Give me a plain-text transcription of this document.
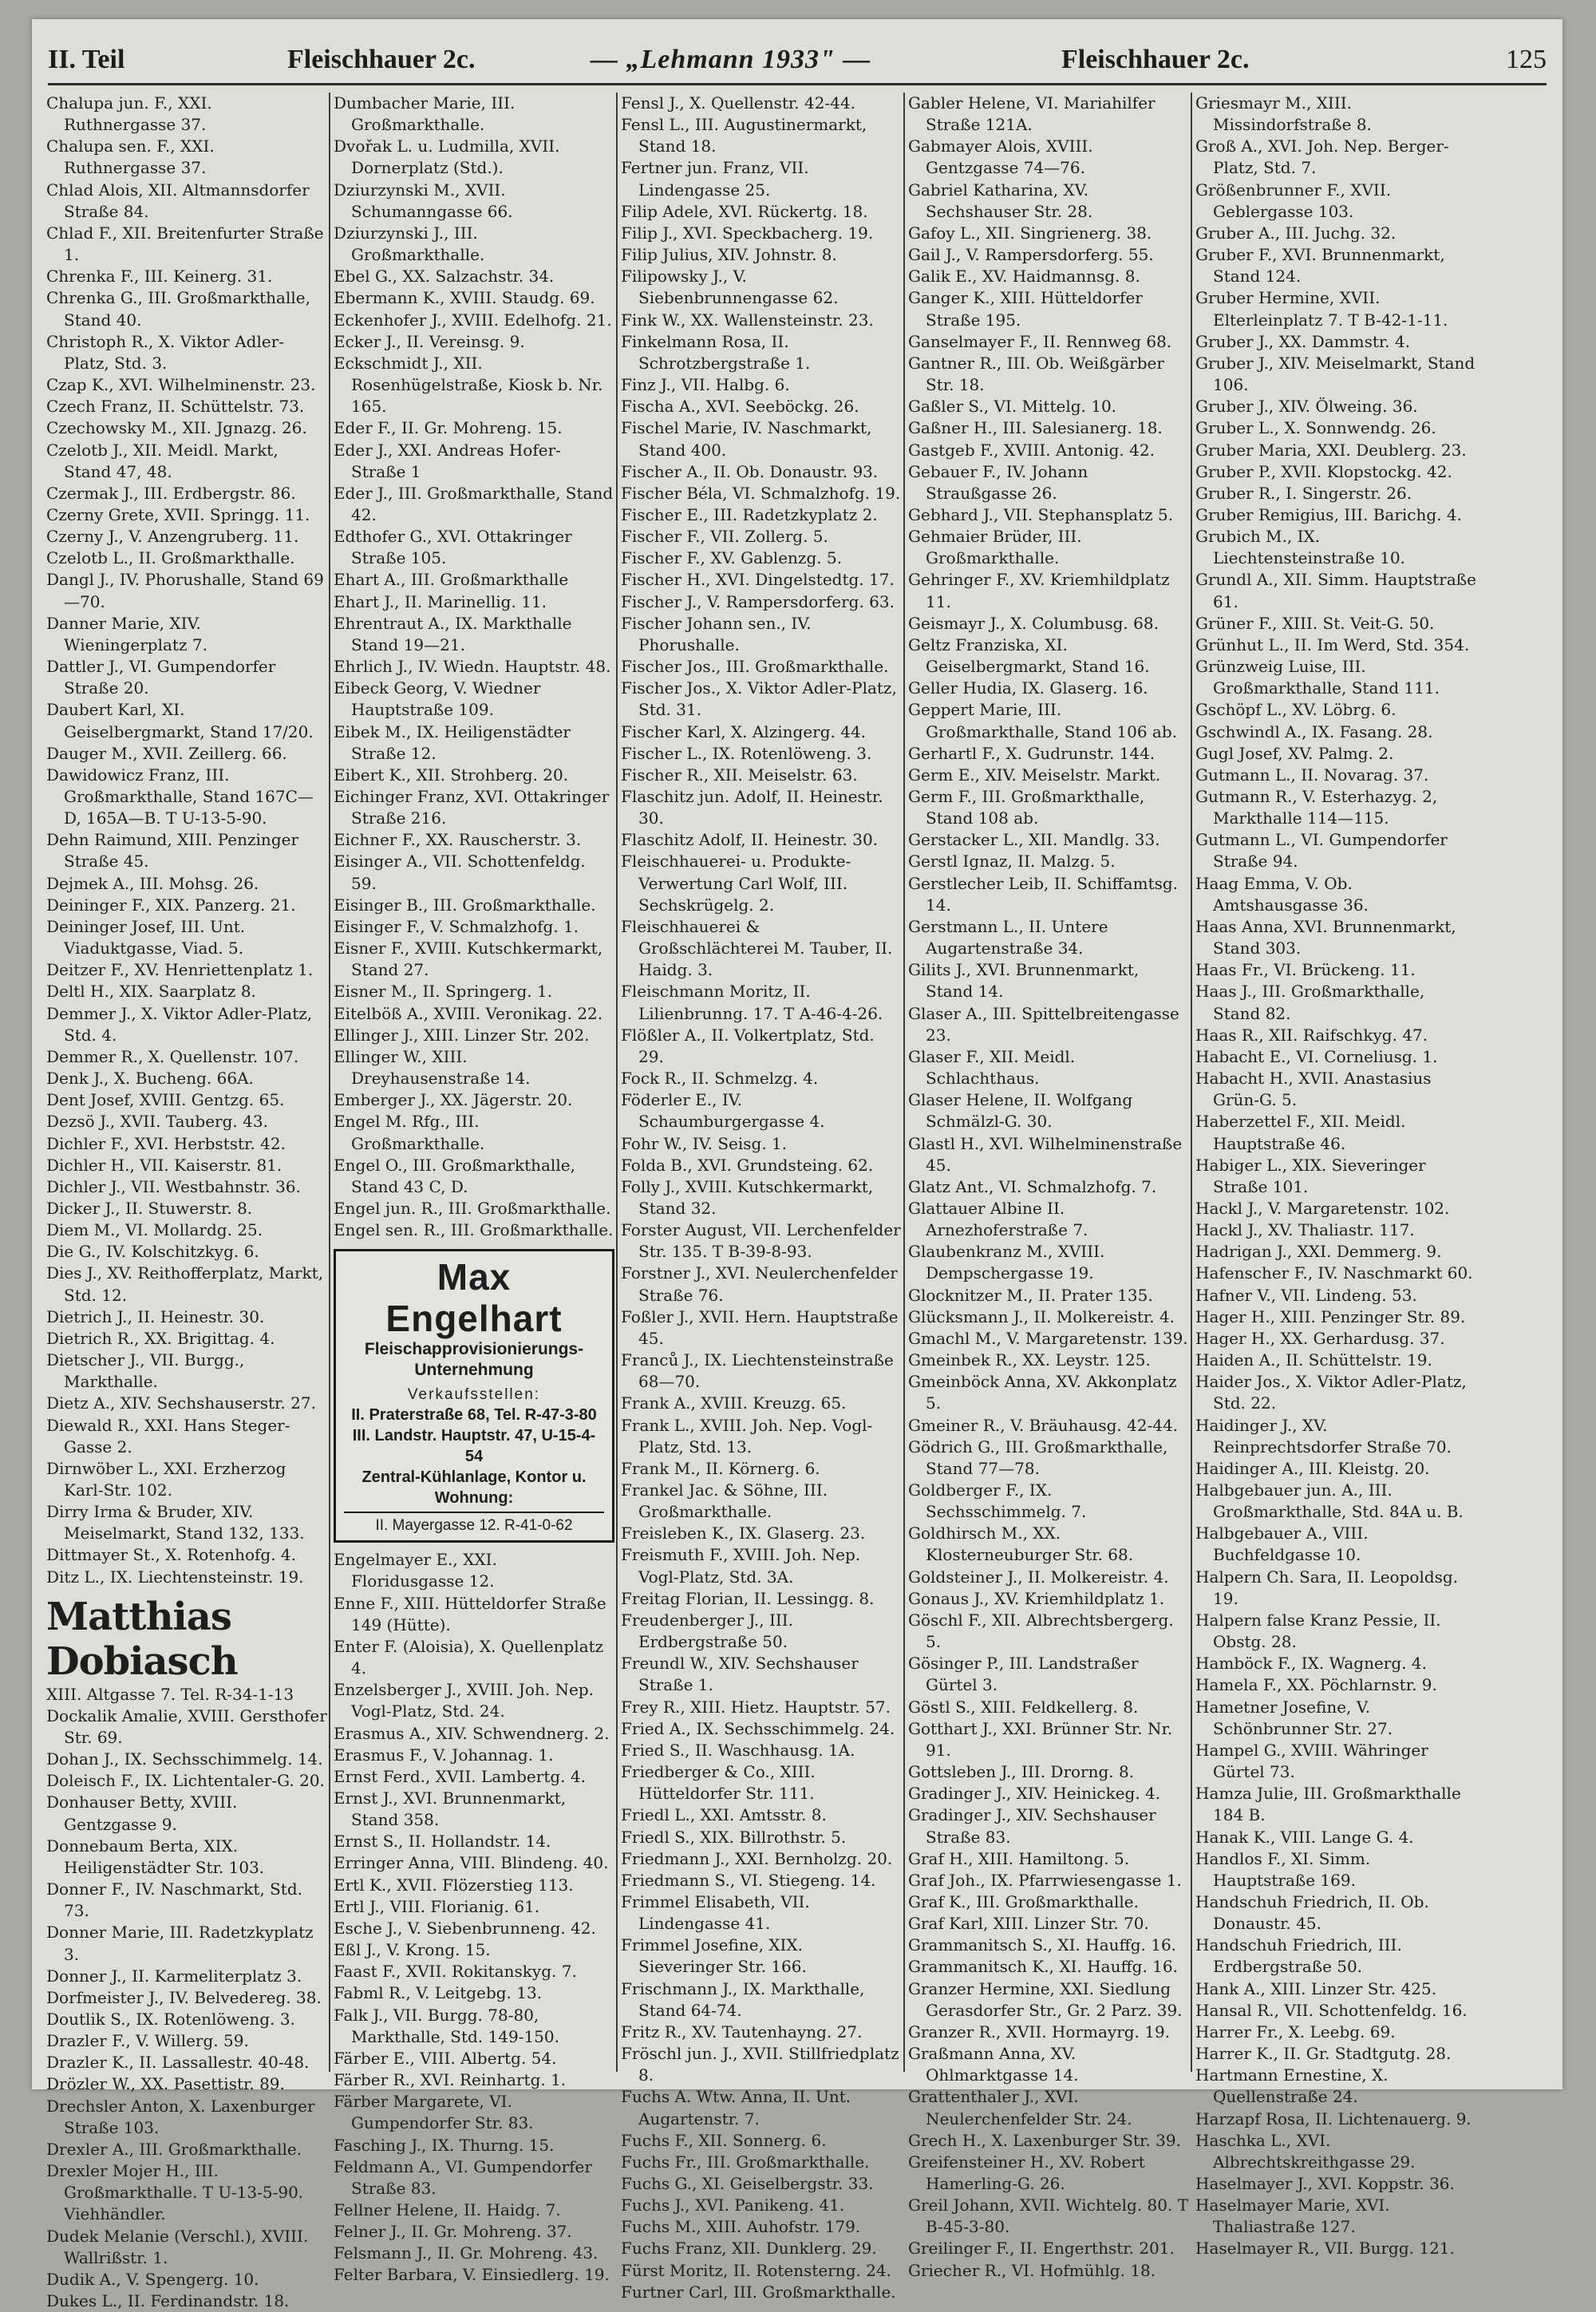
II. Teil	Fleischhauer 2c.	— „Lehmann 1933" —	Fleischhauer 2c.	125

Chalupa jun. F., XXI. Ruthnergasse 37.

Chalupa sen. F., XXI. Ruthnergasse 37.

Chlad Alois, XII. Altmannsdorfer Straße 84.

Chlad F., XII. Breitenfurter Straße 1.

Chrenka F., III. Keinerg. 31.

Chrenka G., III. Großmarkthalle, Stand 40.

Christoph R., X. Viktor Adler-Platz, Std. 3.

Czap K., XVI. Wilhelminenstr. 23.

Czech Franz, II. Schüttelstr. 73.

Czechowsky M., XII. Jgnazg. 26.

Czelotb J., XII. Meidl. Markt, Stand 47, 48.

Czermak J., III. Erdbergstr. 86.

Czerny Grete, XVII. Springg. 11.

Czerny J., V. Anzengruberg. 11.

Czelotb L., II. Großmarkthalle.

Dangl J., IV. Phorushalle, Stand 69—70.

Danner Marie, XIV. Wieningerplatz 7.

Dattler J., VI. Gumpendorfer Straße 20.

Daubert Karl, XI. Geiselbergmarkt, Stand 17/20.

Dauger M., XVII. Zeillerg. 66.

Dawidowicz Franz, III. Großmarkthalle, Stand 167C—D, 165A—B. T U-13-5-90.

Dehn Raimund, XIII. Penzinger Straße 45.

Dejmek A., III. Mohsg. 26.

Deininger F., XIX. Panzerg. 21.

Deininger Josef, III. Unt. Viaduktgasse, Viad. 5.

Deitzer F., XV. Henriettenplatz 1.

Deltl H., XIX. Saarplatz 8.

Demmer J., X. Viktor Adler-Platz, Std. 4.

Demmer R., X. Quellenstr. 107.

Denk J., X. Bucheng. 66A.

Dent Josef, XVIII. Gentzg. 65.

Dezsö J., XVII. Tauberg. 43.

Dichler F., XVI. Herbststr. 42.

Dichler H., VII. Kaiserstr. 81.

Dichler J., VII. Westbahnstr. 36.

Dicker J., II. Stuwerstr. 8.

Diem M., VI. Mollardg. 25.

Die G., IV. Kolschitzkyg. 6.

Dies J., XV. Reithofferplatz, Markt, Std. 12.

Dietrich J., II. Heinestr. 30.

Dietrich R., XX. Brigittag. 4.

Dietscher J., VII. Burgg., Markthalle.

Dietz A., XIV. Sechshauserstr. 27.

Diewald R., XXI. Hans Steger-Gasse 2.

Dirnwöber L., XXI. Erzherzog Karl-Str. 102.

Dirry Irma & Bruder, XIV. Meiselmarkt, Stand 132, 133.

Dittmayer St., X. Rotenhofg. 4.

Ditz L., IX. Liechtensteinstr. 19.

Matthias Dobiasch
XIII. Altgasse 7. Tel. R-34-1-13

Dockalik Amalie, XVIII. Gersthofer Str. 69.

Dohan J., IX. Sechsschimmelg. 14.

Doleisch F., IX. Lichtentaler-G. 20.

Donhauser Betty, XVIII. Gentzgasse 9.

Donnebaum Berta, XIX. Heiligenstädter Str. 103.

Donner F., IV. Naschmarkt, Std. 73.

Donner Marie, III. Radetzkyplatz 3.

Donner J., II. Karmeliterplatz 3.

Dorfmeister J., IV. Belvedereg. 38.

Doutlik S., IX. Rotenlöweng. 3.

Drazler F., V. Willerg. 59.

Drazler K., II. Lassallestr. 40-48.

Drözler W., XX. Pasettistr. 89.

Drechsler Anton, X. Laxenburger Straße 103.

Drexler A., III. Großmarkthalle.

Drexler Mojer H., III. Großmarkthalle. T U-13-5-90. Viehhändler.

Dudek Melanie (Verschl.), XVIII. Wallrißstr. 1.

Dudik A., V. Spengerg. 10.

Dukes L., II. Ferdinandstr. 18.

Dumbacher Marie, III. Großmarkthalle.

Dvořak L. u. Ludmilla, XVII. Dornerplatz (Std.).

Dziurzynski M., XVII. Schumanngasse 66.

Dziurzynski J., III. Großmarkthalle.

Ebel G., XX. Salzachstr. 34.

Ebermann K., XVIII. Staudg. 69.

Eckenhofer J., XVIII. Edelhofg. 21.

Ecker J., II. Vereinsg. 9.

Eckschmidt J., XII. Rosenhügelstraße, Kiosk b. Nr. 165.

Eder F., II. Gr. Mohreng. 15.

Eder J., XXI. Andreas Hofer-Straße 1

Eder J., III. Großmarkthalle, Stand 42.

Edthofer G., XVI. Ottakringer Straße 105.

Ehart A., III. Großmarkthalle

Ehart J., II. Marinellig. 11.

Ehrentraut A., IX. Markthalle Stand 19—21.

Ehrlich J., IV. Wiedn. Hauptstr. 48.

Eibeck Georg, V. Wiedner Hauptstraße 109.

Eibek M., IX. Heiligenstädter Straße 12.

Eibert K., XII. Strohberg. 20.

Eichinger Franz, XVI. Ottakringer Straße 216.

Eichner F., XX. Rauscherstr. 3.

Eisinger A., VII. Schottenfeldg. 59.

Eisinger B., III. Großmarkthalle.

Eisinger F., V. Schmalzhofg. 1.

Eisner F., XVIII. Kutschkermarkt, Stand 27.

Eisner M., II. Springerg. 1.

Eitelböß A., XVIII. Veronikag. 22.

Ellinger J., XIII. Linzer Str. 202.

Ellinger W., XIII. Dreyhausenstraße 14.

Emberger J., XX. Jägerstr. 20.

Engel M. Rfg., III. Großmarkthalle.

Engel O., III. Großmarkthalle, Stand 43 C, D.

Engel jun. R., III. Großmarkthalle.

Engel sen. R., III. Großmarkthalle.

Max Engelhart
Fleischapprovisionierungs-
Unternehmung
Verkaufsstellen:
II. Praterstraße 68, Tel. R-47-3-80
III. Landstr. Hauptstr. 47, U-15-4-54
Zentral-Kühlanlage, Kontor u. Wohnung:
II. Mayergasse 12. R-41-0-62

Engelmayer E., XXI. Floridusgasse 12.

Enne F., XIII. Hütteldorfer Straße 149 (Hütte).

Enter F. (Aloisia), X. Quellenplatz 4.

Enzelsberger J., XVIII. Joh. Nep. Vogl-Platz, Std. 24.

Erasmus A., XIV. Schwendnerg. 2.

Erasmus F., V. Johannag. 1.

Ernst Ferd., XVII. Lambertg. 4.

Ernst J., XVI. Brunnenmarkt, Stand 358.

Ernst S., II. Hollandstr. 14.

Erringer Anna, VIII. Blindeng. 40.

Ertl K., XVII. Flözerstieg 113.

Ertl J., VIII. Florianig. 61.

Esche J., V. Siebenbrunneng. 42.

Eßl J., V. Krong. 15.

Faast F., XVII. Rokitanskyg. 7.

Fabml R., V. Leitgebg. 13.

Falk J., VII. Burgg. 78-80, Markthalle, Std. 149-150.

Färber E., VIII. Albertg. 54.

Färber R., XVI. Reinhartg. 1.

Färber Margarete, VI. Gumpendorfer Str. 83.

Fasching J., IX. Thurng. 15.

Feldmann A., VI. Gumpendorfer Straße 83.

Fellner Helene, II. Haidg. 7.

Felner J., II. Gr. Mohreng. 37.

Felsmann J., II. Gr. Mohreng. 43.

Felter Barbara, V. Einsiedlerg. 19.

Fensl J., X. Quellenstr. 42-44.

Fensl L., III. Augustinermarkt, Stand 18.

Fertner jun. Franz, VII. Lindengasse 25.

Filip Adele, XVI. Rückertg. 18.

Filip J., XVI. Speckbacherg. 19.

Filip Julius, XIV. Johnstr. 8.

Filipowsky J., V. Siebenbrunnengasse 62.

Fink W., XX. Wallensteinstr. 23.

Finkelmann Rosa, II. Schrotzbergstraße 1.

Finz J., VII. Halbg. 6.

Fischa A., XVI. Seeböckg. 26.

Fischel Marie, IV. Naschmarkt, Stand 400.

Fischer A., II. Ob. Donaustr. 93.

Fischer Béla, VI. Schmalzhofg. 19.

Fischer E., III. Radetzkyplatz 2.

Fischer F., VII. Zollerg. 5.

Fischer F., XV. Gablenzg. 5.

Fischer H., XVI. Dingelstedtg. 17.

Fischer J., V. Rampersdorferg. 63.

Fischer Johann sen., IV. Phorushalle.

Fischer Jos., III. Großmarkthalle.

Fischer Jos., X. Viktor Adler-Platz, Std. 31.

Fischer Karl, X. Alzingerg. 44.

Fischer L., IX. Rotenlöweng. 3.

Fischer R., XII. Meiselstr. 63.

Flaschitz jun. Adolf, II. Heinestr. 30.

Flaschitz Adolf, II. Heinestr. 30.

Fleischhauerei- u. Produkte-Verwertung Carl Wolf, III. Sechskrügelg. 2.

Fleischhauerei & Großschlächterei M. Tauber, II. Haidg. 3.

Fleischmann Moritz, II. Lilienbrunng. 17. T A-46-4-26.

Flößler A., II. Volkertplatz, Std. 29.

Fock R., II. Schmelzg. 4.

Föderler E., IV. Schaumburgergasse 4.

Fohr W., IV. Seisg. 1.

Folda B., XVI. Grundsteing. 62.

Folly J., XVIII. Kutschkermarkt, Stand 32.

Forster August, VII. Lerchenfelder Str. 135. T B-39-8-93.

Forstner J., XVI. Neulerchenfelder Straße 76.

Foßler J., XVII. Hern. Hauptstraße 45.

Franců J., IX. Liechtensteinstraße 68—70.

Frank A., XVIII. Kreuzg. 65.

Frank L., XVIII. Joh. Nep. Vogl-Platz, Std. 13.

Frank M., II. Körnerg. 6.

Frankel Jac. & Söhne, III. Großmarkthalle.

Freisleben K., IX. Glaserg. 23.

Freismuth F., XVIII. Joh. Nep. Vogl-Platz, Std. 3A.

Freitag Florian, II. Lessingg. 8.

Freudenberger J., III. Erdbergstraße 50.

Freundl W., XIV. Sechshauser Straße 1.

Frey R., XIII. Hietz. Hauptstr. 57.

Fried A., IX. Sechsschimmelg. 24.

Fried S., II. Waschhausg. 1A.

Friedberger & Co., XIII. Hütteldorfer Str. 111.

Friedl L., XXI. Amtsstr. 8.

Friedl S., XIX. Billrothstr. 5.

Friedmann J., XXI. Bernholzg. 20.

Friedmann S., VI. Stiegeng. 14.

Frimmel Elisabeth, VII. Lindengasse 41.

Frimmel Josefine, XIX. Sieveringer Str. 166.

Frischmann J., IX. Markthalle, Stand 64-74.

Fritz R., XV. Tautenhayng. 27.

Fröschl jun. J., XVII. Stillfriedplatz 8.

Fuchs A. Wtw. Anna, II. Unt. Augartenstr. 7.

Fuchs F., XII. Sonnerg. 6.

Fuchs Fr., III. Großmarkthalle.

Fuchs G., XI. Geiselbergstr. 33.

Fuchs J., XVI. Panikeng. 41.

Fuchs M., XIII. Auhofstr. 179.

Fuchs Franz, XII. Dunklerg. 29.

Fürst Moritz, II. Rotensterng. 24.

Furtner Carl, III. Großmarkthalle.

Gabler Helene, VI. Mariahilfer Straße 121A.

Gabmayer Alois, XVIII. Gentzgasse 74—76.

Gabriel Katharina, XV. Sechshauser Str. 28.

Gafoy L., XII. Singrienerg. 38.

Gail J., V. Rampersdorferg. 55.

Galik E., XV. Haidmannsg. 8.

Ganger K., XIII. Hütteldorfer Straße 195.

Ganselmayer F., II. Rennweg 68.

Gantner R., III. Ob. Weißgärber Str. 18.

Gaßler S., VI. Mittelg. 10.

Gaßner H., III. Salesianerg. 18.

Gastgeb F., XVIII. Antonig. 42.

Gebauer F., IV. Johann Straußgasse 26.

Gebhard J., VII. Stephansplatz 5.

Gehmaier Brüder, III. Großmarkthalle.

Gehringer F., XV. Kriemhildplatz 11.

Geismayr J., X. Columbusg. 68.

Geltz Franziska, XI. Geiselbergmarkt, Stand 16.

Geller Hudia, IX. Glaserg. 16.

Geppert Marie, III. Großmarkthalle, Stand 106 ab.

Gerhartl F., X. Gudrunstr. 144.

Germ E., XIV. Meiselstr. Markt.

Germ F., III. Großmarkthalle, Stand 108 ab.

Gerstacker L., XII. Mandlg. 33.

Gerstl Ignaz, II. Malzg. 5.

Gerstlecher Leib, II. Schiffamtsg. 14.

Gerstmann L., II. Untere Augartenstraße 34.

Gilits J., XVI. Brunnenmarkt, Stand 14.

Glaser A., III. Spittelbreitengasse 23.

Glaser F., XII. Meidl. Schlachthaus.

Glaser Helene, II. Wolfgang Schmälzl-G. 30.

Glastl H., XVI. Wilhelminenstraße 45.

Glatz Ant., VI. Schmalzhofg. 7.

Glattauer Albine II. Arnezhoferstraße 7.

Glaubenkranz M., XVIII. Dempschergasse 19.

Glocknitzer M., II. Prater 135.

Glücksmann J., II. Molkereistr. 4.

Gmachl M., V. Margaretenstr. 139.

Gmeinbek R., XX. Leystr. 125.

Gmeinböck Anna, XV. Akkonplatz 5.

Gmeiner R., V. Bräuhausg. 42-44.

Gödrich G., III. Großmarkthalle, Stand 77—78.

Goldberger F., IX. Sechsschimmelg. 7.

Goldhirsch M., XX. Klosterneuburger Str. 68.

Goldsteiner J., II. Molkereistr. 4.

Gonaus J., XV. Kriemhildplatz 1.

Göschl F., XII. Albrechtsbergerg. 5.

Gösinger P., III. Landstraßer Gürtel 3.

Göstl S., XIII. Feldkellerg. 8.

Gotthart J., XXI. Brünner Str. Nr. 91.

Gottsleben J., III. Drorng. 8.

Gradinger J., XIV. Heinickeg. 4.

Gradinger J., XIV. Sechshauser Straße 83.

Graf H., XIII. Hamiltong. 5.

Graf Joh., IX. Pfarrwiesengasse 1.

Graf K., III. Großmarkthalle.

Graf Karl, XIII. Linzer Str. 70.

Grammanitsch S., XI. Hauffg. 16.

Grammanitsch K., XI. Hauffg. 16.

Granzer Hermine, XXI. Siedlung Gerasdorfer Str., Gr. 2 Parz. 39.

Granzer R., XVII. Hormayrg. 19.

Graßmann Anna, XV. Ohlmarktgasse 14.

Grattenthaler J., XVI. Neulerchenfelder Str. 24.

Grech H., X. Laxenburger Str. 39.

Greifensteiner H., XV. Robert Hamerling-G. 26.

Greil Johann, XVII. Wichtelg. 80. T B-45-3-80.

Greilinger F., II. Engerthstr. 201.

Griecher R., VI. Hofmühlg. 18.

Griesmayr M., XIII. Missindorfstraße 8.

Groß A., XVI. Joh. Nep. Berger-Platz, Std. 7.

Größenbrunner F., XVII. Geblergasse 103.

Gruber A., III. Juchg. 32.

Gruber F., XVI. Brunnenmarkt, Stand 124.

Gruber Hermine, XVII. Elterleinplatz 7. T B-42-1-11.

Gruber J., XX. Dammstr. 4.

Gruber J., XIV. Meiselmarkt, Stand 106.

Gruber J., XIV. Ölweing. 36.

Gruber L., X. Sonnwendg. 26.

Gruber Maria, XXI. Deublerg. 23.

Gruber P., XVII. Klopstockg. 42.

Gruber R., I. Singerstr. 26.

Gruber Remigius, III. Barichg. 4.

Grubich M., IX. Liechtensteinstraße 10.

Grundl A., XII. Simm. Hauptstraße 61.

Grüner F., XIII. St. Veit-G. 50.

Grünhut L., II. Im Werd, Std. 354.

Grünzweig Luise, III. Großmarkthalle, Stand 111.

Gschöpf L., XV. Löbrg. 6.

Gschwindl A., IX. Fasang. 28.

Gugl Josef, XV. Palmg. 2.

Gutmann L., II. Novarag. 37.

Gutmann R., V. Esterhazyg. 2, Markthalle 114—115.

Gutmann L., VI. Gumpendorfer Straße 94.

Haag Emma, V. Ob. Amtshausgasse 36.

Haas Anna, XVI. Brunnenmarkt, Stand 303.

Haas Fr., VI. Brückeng. 11.

Haas J., III. Großmarkthalle, Stand 82.

Haas R., XII. Raifschkyg. 47.

Habacht E., VI. Corneliusg. 1.

Habacht H., XVII. Anastasius Grün-G. 5.

Haberzettel F., XII. Meidl. Hauptstraße 46.

Habiger L., XIX. Sieveringer Straße 101.

Hackl J., V. Margaretenstr. 102.

Hackl J., XV. Thaliastr. 117.

Hadrigan J., XXI. Demmerg. 9.

Hafenscher F., IV. Naschmarkt 60.

Hafner V., VII. Lindeng. 53.

Hager H., XIII. Penzinger Str. 89.

Hager H., XX. Gerhardusg. 37.

Haiden A., II. Schüttelstr. 19.

Haider Jos., X. Viktor Adler-Platz, Std. 22.

Haidinger J., XV. Reinprechtsdorfer Straße 70.

Haidinger A., III. Kleistg. 20.

Halbgebauer jun. A., III. Großmarkthalle, Std. 84A u. B.

Halbgebauer A., VIII. Buchfeldgasse 10.

Halpern Ch. Sara, II. Leopoldsg. 19.

Halpern false Kranz Pessie, II. Obstg. 28.

Hamböck F., IX. Wagnerg. 4.

Hamela F., XX. Pöchlarnstr. 9.

Hametner Josefine, V. Schönbrunner Str. 27.

Hampel G., XVIII. Währinger Gürtel 73.

Hamza Julie, III. Großmarkthalle 184 B.

Hanak K., VIII. Lange G. 4.

Handlos F., XI. Simm. Hauptstraße 169.

Handschuh Friedrich, II. Ob. Donaustr. 45.

Handschuh Friedrich, III. Erdbergstraße 50.

Hank A., XIII. Linzer Str. 425.

Hansal R., VII. Schottenfeldg. 16.

Harrer Fr., X. Leebg. 69.

Harrer K., II. Gr. Stadtgutg. 28.

Hartmann Ernestine, X. Quellenstraße 24.

Harzapf Rosa, II. Lichtenauerg. 9.

Haschka L., XVI. Albrechtskreithgasse 29.

Haselmayer J., XVI. Koppstr. 36.

Haselmayer Marie, XVI. Thaliastraße 127.

Haselmayer R., VII. Burgg. 121.
